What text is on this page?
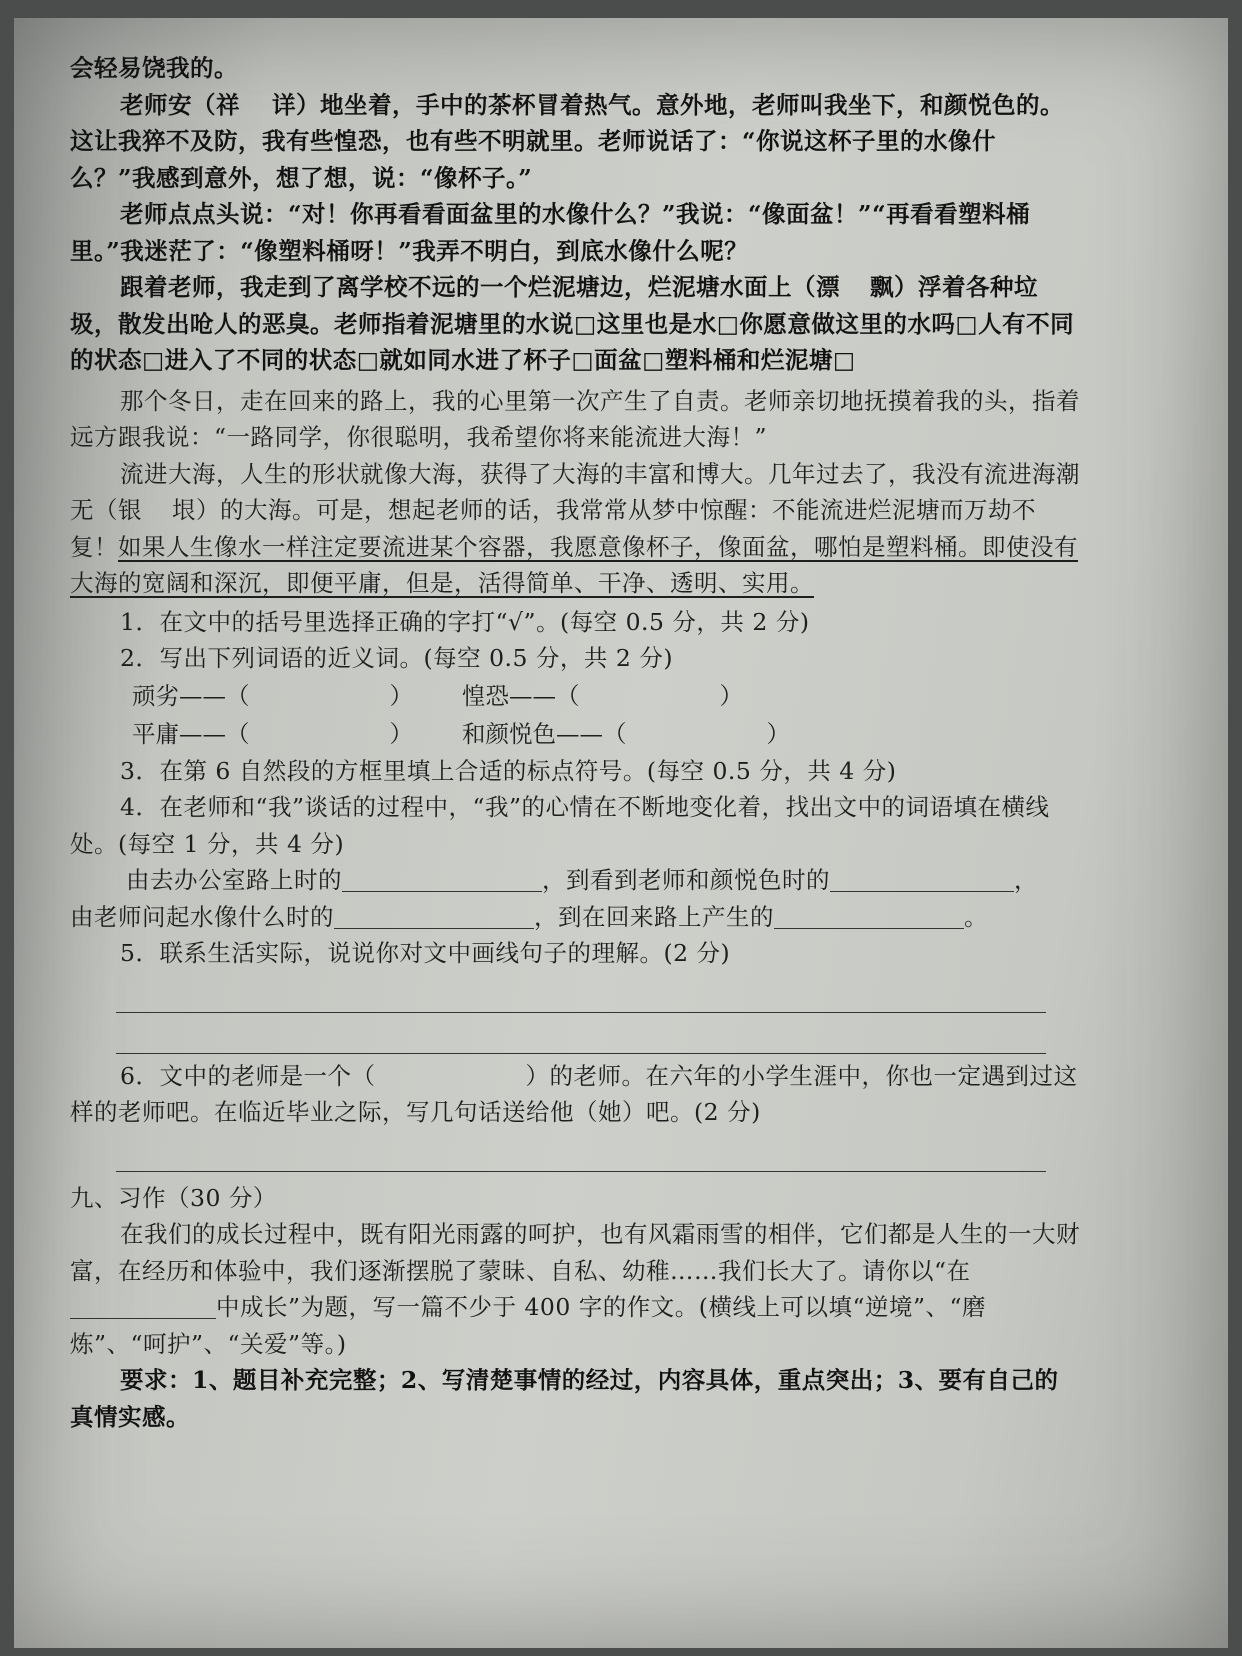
会轻易饶我的。

老师安（祥 详）地坐着，手中的茶杯冒着热气。意外地，老师叫我坐下，和颜悦色的。这让我猝不及防，我有些惶恐，也有些不明就里。老师说话了：“你说这杯子里的水像什么？”我感到意外，想了想，说：“像杯子。”

老师点点头说：“对！你再看看面盆里的水像什么？”我说：“像面盆！”“再看看塑料桶里。”我迷茫了：“像塑料桶呀！”我弄不明白，到底水像什么呢？

跟着老师，我走到了离学校不远的一个烂泥塘边，烂泥塘水面上（漂 飘）浮着各种垃圾，散发出呛人的恶臭。老师指着泥塘里的水说□这里也是水□你愿意做这里的水吗□人有不同的状态□进入了不同的状态□就如同水进了杯子□面盆□塑料桶和烂泥塘□

那个冬日，走在回来的路上，我的心里第一次产生了自责。老师亲切地抚摸着我的头，指着远方跟我说：“一路同学，你很聪明，我希望你将来能流进大海！”

流进大海，人生的形状就像大海，获得了大海的丰富和博大。几年过去了，我没有流进海潮无（银 垠）的大海。可是，想起老师的话，我常常从梦中惊醒：不能流进烂泥塘而万劫不复！如果人生像水一样注定要流进某个容器，我愿意像杯子，像面盆，哪怕是塑料桶。即使没有大海的宽阔和深沉，即便平庸，但是，活得简单、干净、透明、实用。

1．在文中的括号里选择正确的字打“√”。(每空 0.5 分，共 2 分)

2．写出下列词语的近义词。(每空 0.5 分，共 2 分)

顽劣——（	）	惶恐——（	）
平庸——（	）	和颜悦色——（	）

3．在第 6 自然段的方框里填上合适的标点符号。(每空 0.5 分，共 4 分)

4．在老师和“我”谈话的过程中，“我”的心情在不断地变化着，找出文中的词语填在横线处。(每空 1 分，共 4 分)

由去办公室路上时的	，到看到老师和颜悦色时的	，

由老师问起水像什么时的	，到在回来路上产生的	。

5．联系生活实际，说说你对文中画线句子的理解。(2 分)

6．文中的老师是一个（	）的老师。在六年的小学生涯中，你也一定遇到过这样的老师吧。在临近毕业之际，写几句话送给他（她）吧。(2 分)

九、习作（30 分）

在我们的成长过程中，既有阳光雨露的呵护，也有风霜雨雪的相伴，它们都是人生的一大财富，在经历和体验中，我们逐渐摆脱了蒙昧、自私、幼稚……我们长大了。请你以“在中成长”为题，写一篇不少于 400 字的作文。(横线上可以填“逆境”、“磨炼”、“呵护”、“关爱”等。)

要求：1、题目补充完整；2、写清楚事情的经过，内容具体，重点突出；3、要有自己的真情实感。
